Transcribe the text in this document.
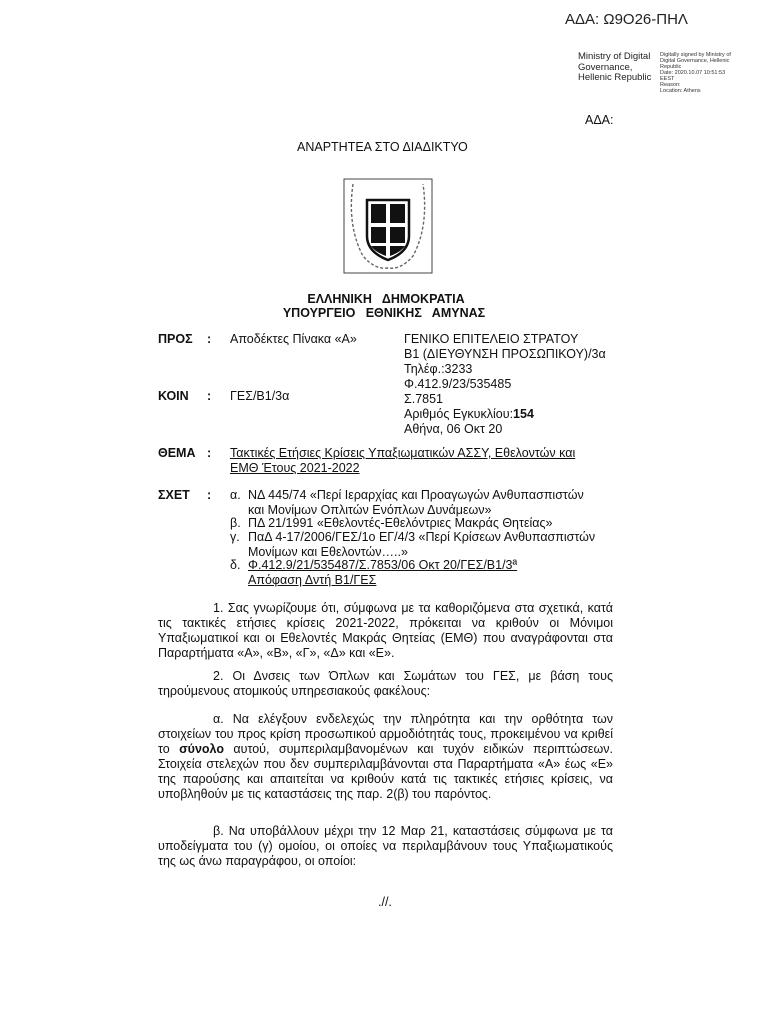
ΑΔΑ: Ω9Ο26-ΠΗΛ
Ministry of Digital
Governance,
Hellenic Republic
Digitally signed by Ministry of
Digital Governance, Hellenic
Republic
Date: 2020.10.07 10:51:53
EEST
Reason:
Location: Athens
ΑΔΑ:
ΑΝΑΡΤΗΤΕΑ ΣΤΟ ΔΙΑΔΙΚΤΥΟ
ΕΛΛΗΝΙΚΗ   ΔΗΜΟΚΡΑΤΙΑ
ΥΠΟΥΡΓΕΙΟ   ΕΘΝΙΚΗΣ   ΑΜΥΝΑΣ
ΠΡΟΣ : Αποδέκτες Πίνακα «Α»
ΚΟΙΝ : ΓΕΣ/Β1/3α
ΓΕΝΙΚΟ ΕΠΙΤΕΛΕΙΟ ΣΤΡΑΤΟΥ
Β1 (ΔΙΕΥΘΥΝΣΗ ΠΡΟΣΩΠΙΚΟΥ)/3α
Τηλέφ.:3233
Φ.412.9/23/535485
Σ.7851
Αριθμός Εγκυκλίου:154
Αθήνα, 06 Οκτ 20
ΘΕΜΑ : Τακτικές Ετήσιες Κρίσεις Υπαξιωματικών ΑΣΣΥ, Εθελοντών και
ΕΜΘ Έτους 2021-2022
ΣΧΕΤ : α. ΝΔ 445/74 «Περί Ιεραρχίας και Προαγωγών Ανθυπασπιστών
και Μονίμων Οπλιτών Ενόπλων Δυνάμεων»
β. ΠΔ 21/1991 «Εθελοντές-Εθελόντριες Μακράς Θητείας»
γ. ΠαΔ 4-17/2006/ΓΕΣ/1ο ΕΓ/4/3 «Περί Κρίσεων Ανθυπασπιστών
Μονίμων και Εθελοντών…..»
δ. Φ.412.9/21/535487/Σ.7853/06 Οκτ 20/ΓΕΣ/Β1/3ª
Απόφαση Δντή Β1/ΓΕΣ
1. Σας γνωρίζουμε ότι, σύμφωνα με τα καθοριζόμενα στα σχετικά, κατά τις τακτικές ετήσιες κρίσεις 2021-2022, πρόκειται να κριθούν οι Μόνιμοι Υπαξιωματικοί και οι Εθελοντές Μακράς Θητείας (ΕΜΘ) που αναγράφονται στα Παραρτήματα «Α», «Β», «Γ», «Δ» και «Ε».
2. Οι Δνσεις των Όπλων και Σωμάτων του ΓΕΣ, με βάση τους τηρούμενους ατομικούς υπηρεσιακούς φακέλους:
α. Να ελέγξουν ενδελεχώς την πληρότητα και την ορθότητα των στοιχείων του προς κρίση προσωπικού αρμοδιότητάς τους, προκειμένου να κριθεί το σύνολο αυτού, συμπεριλαμβανομένων και τυχόν ειδικών περιπτώσεων. Στοιχεία στελεχών που δεν συμπεριλαμβάνονται στα Παραρτήματα «Α» έως «Ε» της παρούσης και απαιτείται να κριθούν κατά τις τακτικές ετήσιες κρίσεις, να υποβληθούν με τις καταστάσεις της παρ. 2(β) του παρόντος.
β. Να υποβάλλουν μέχρι την 12 Μαρ 21, καταστάσεις σύμφωνα με τα υποδείγματα του (γ) ομοίου, οι οποίες να περιλαμβάνουν τους Υπαξιωματικούς της ως άνω παραγράφου, οι οποίοι:
.//.
